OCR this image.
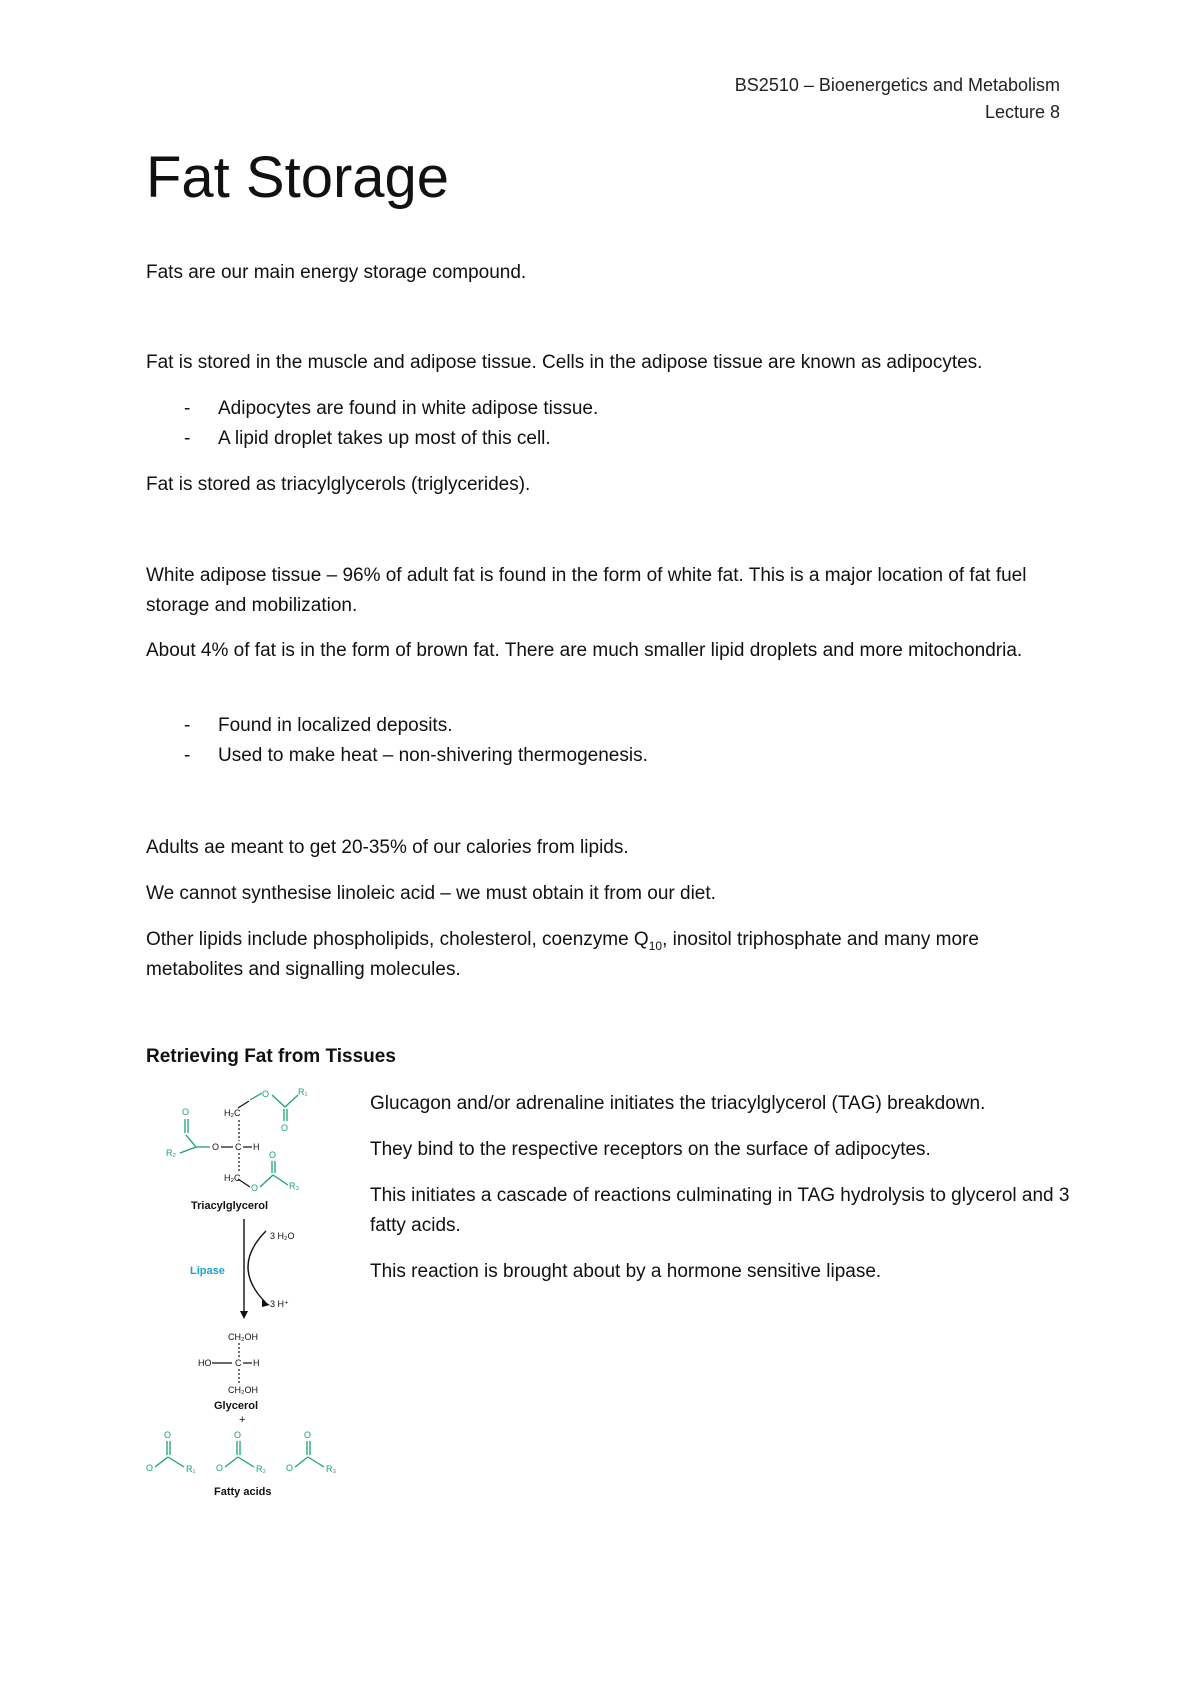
BS2510 – Bioenergetics and Metabolism
Lecture 8
Fat Storage

Fats are our main energy storage compound.

Fat is stored in the muscle and adipose tissue. Cells in the adipose tissue are known as adipocytes.

- Adipocytes are found in white adipose tissue.
- A lipid droplet takes up most of this cell.

Fat is stored as triacylglycerols (triglycerides).

White adipose tissue – 96% of adult fat is found in the form of white fat. This is a major location of fat fuel storage and mobilization.

About 4% of fat is in the form of brown fat. There are much smaller lipid droplets and more mitochondria.

- Found in localized deposits.
- Used to make heat – non-shivering thermogenesis.

Adults ae meant to get 20-35% of our calories from lipids.

We cannot synthesise linoleic acid – we must obtain it from our diet.

Other lipids include phospholipids, cholesterol, coenzyme $Q_{10}$, inositol triphosphate and many more metabolites and signalling molecules.

Retrieving Fat from Tissues
O
O
R₁
H₂C
C H
O
O
R₂
H₂C
O
O
R₃
Triacylglycerol
3 H₂O
3 H⁺
Lipase
CH₂OH
HO	C H
CH₂OH
Glycerol
+
O
O
R₁ O
O
R₂ O
O
R₃
Fatty acids

Glucagon and/or adrenaline initiates the triacylglycerol (TAG) breakdown.

They bind to the respective receptors on the surface of adipocytes.

This initiates a cascade of reactions culminating in TAG hydrolysis to glycerol and 3 fatty acids.

This reaction is brought about by a hormone sensitive lipase.
